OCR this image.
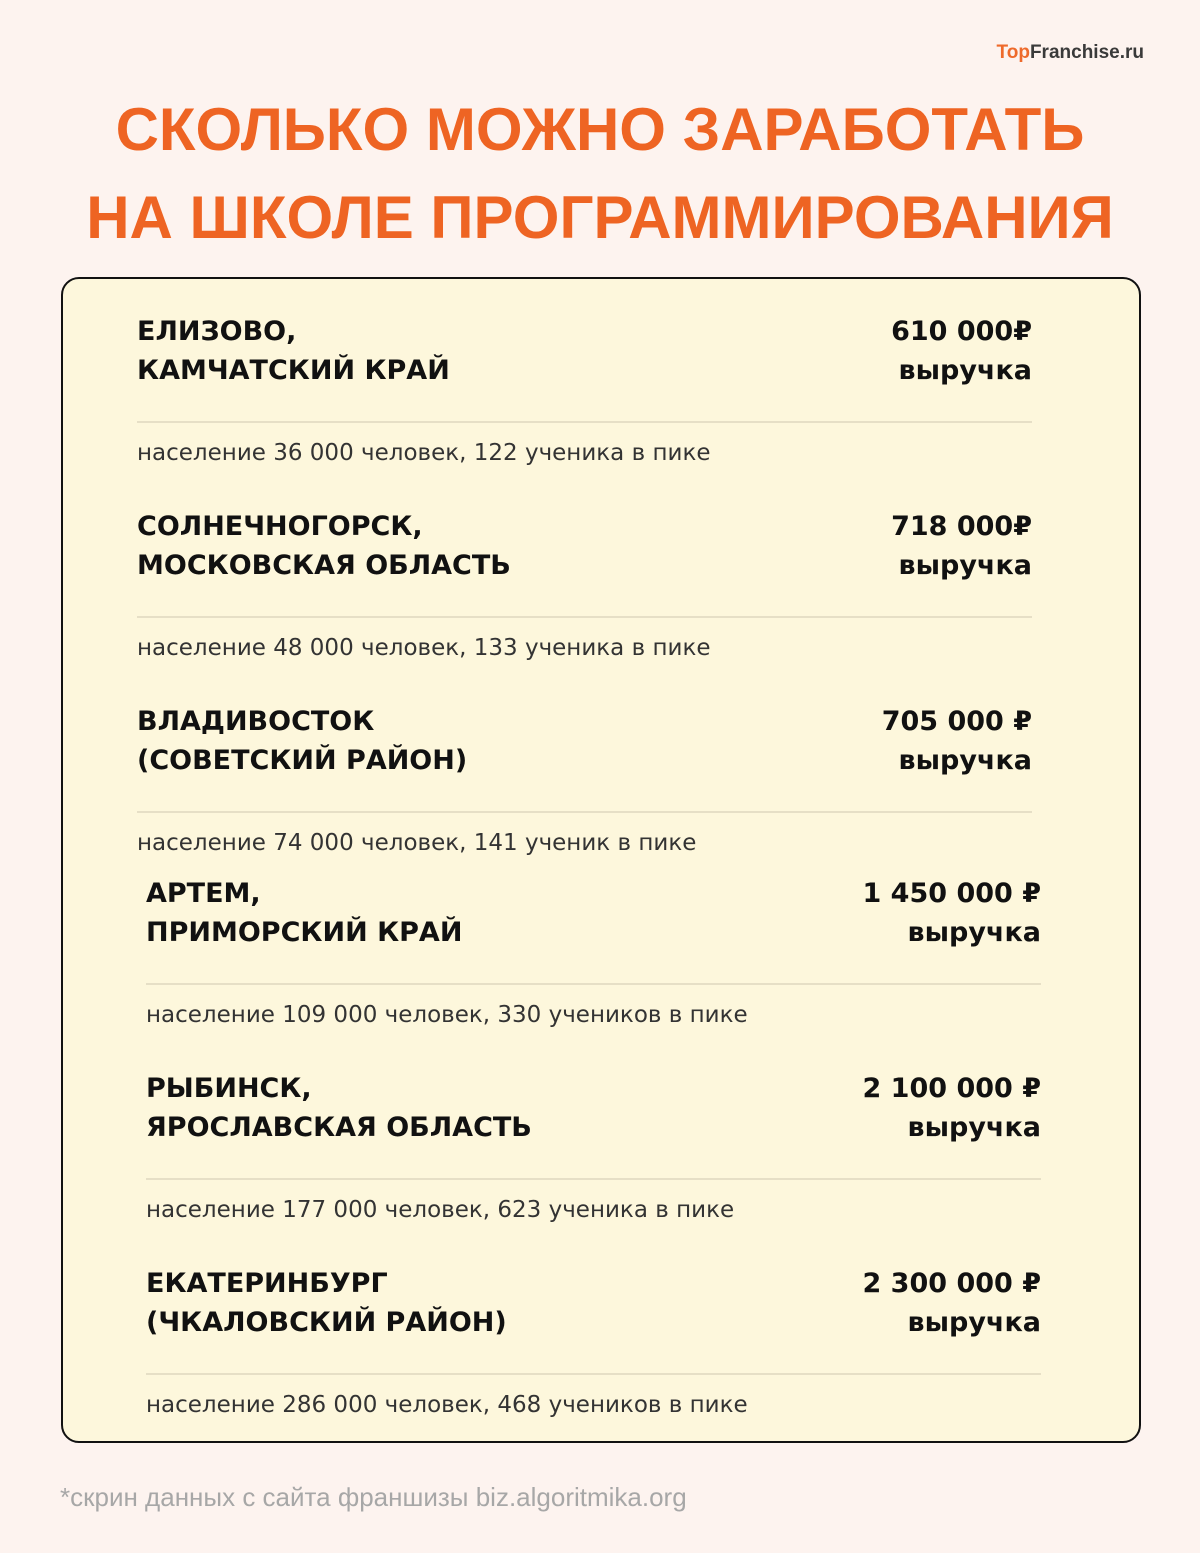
TopFranchise.ru
СКОЛЬКО МОЖНО ЗАРАБОТАТЬ
НА ШКОЛЕ ПРОГРАММИРОВАНИЯ
ЕЛИЗОВО,
КАМЧАТСКИЙ КРАЙ
610 000₽
выручка
население 36 000 человек, 122 ученика в пике
СОЛНЕЧНОГОРСК,
МОСКОВСКАЯ ОБЛАСТЬ
718 000₽
выручка
население 48 000 человек, 133 ученика в пике
ВЛАДИВОСТОК
(СОВЕТСКИЙ РАЙОН)
705 000 ₽
выручка
население 74 000 человек, 141 ученик в пике
АРТЕМ,
ПРИМОРСКИЙ КРАЙ
1 450 000 ₽
выручка
население 109 000 человек, 330 учеников в пике
РЫБИНСК,
ЯРОСЛАВСКАЯ ОБЛАСТЬ
2 100 000 ₽
выручка
население 177 000 человек, 623 ученика в пике
ЕКАТЕРИНБУРГ
(ЧКАЛОВСКИЙ РАЙОН)
2 300 000 ₽
выручка
население 286 000 человек, 468 учеников в пике
*скрин данных с сайта франшизы biz.algoritmika.org
